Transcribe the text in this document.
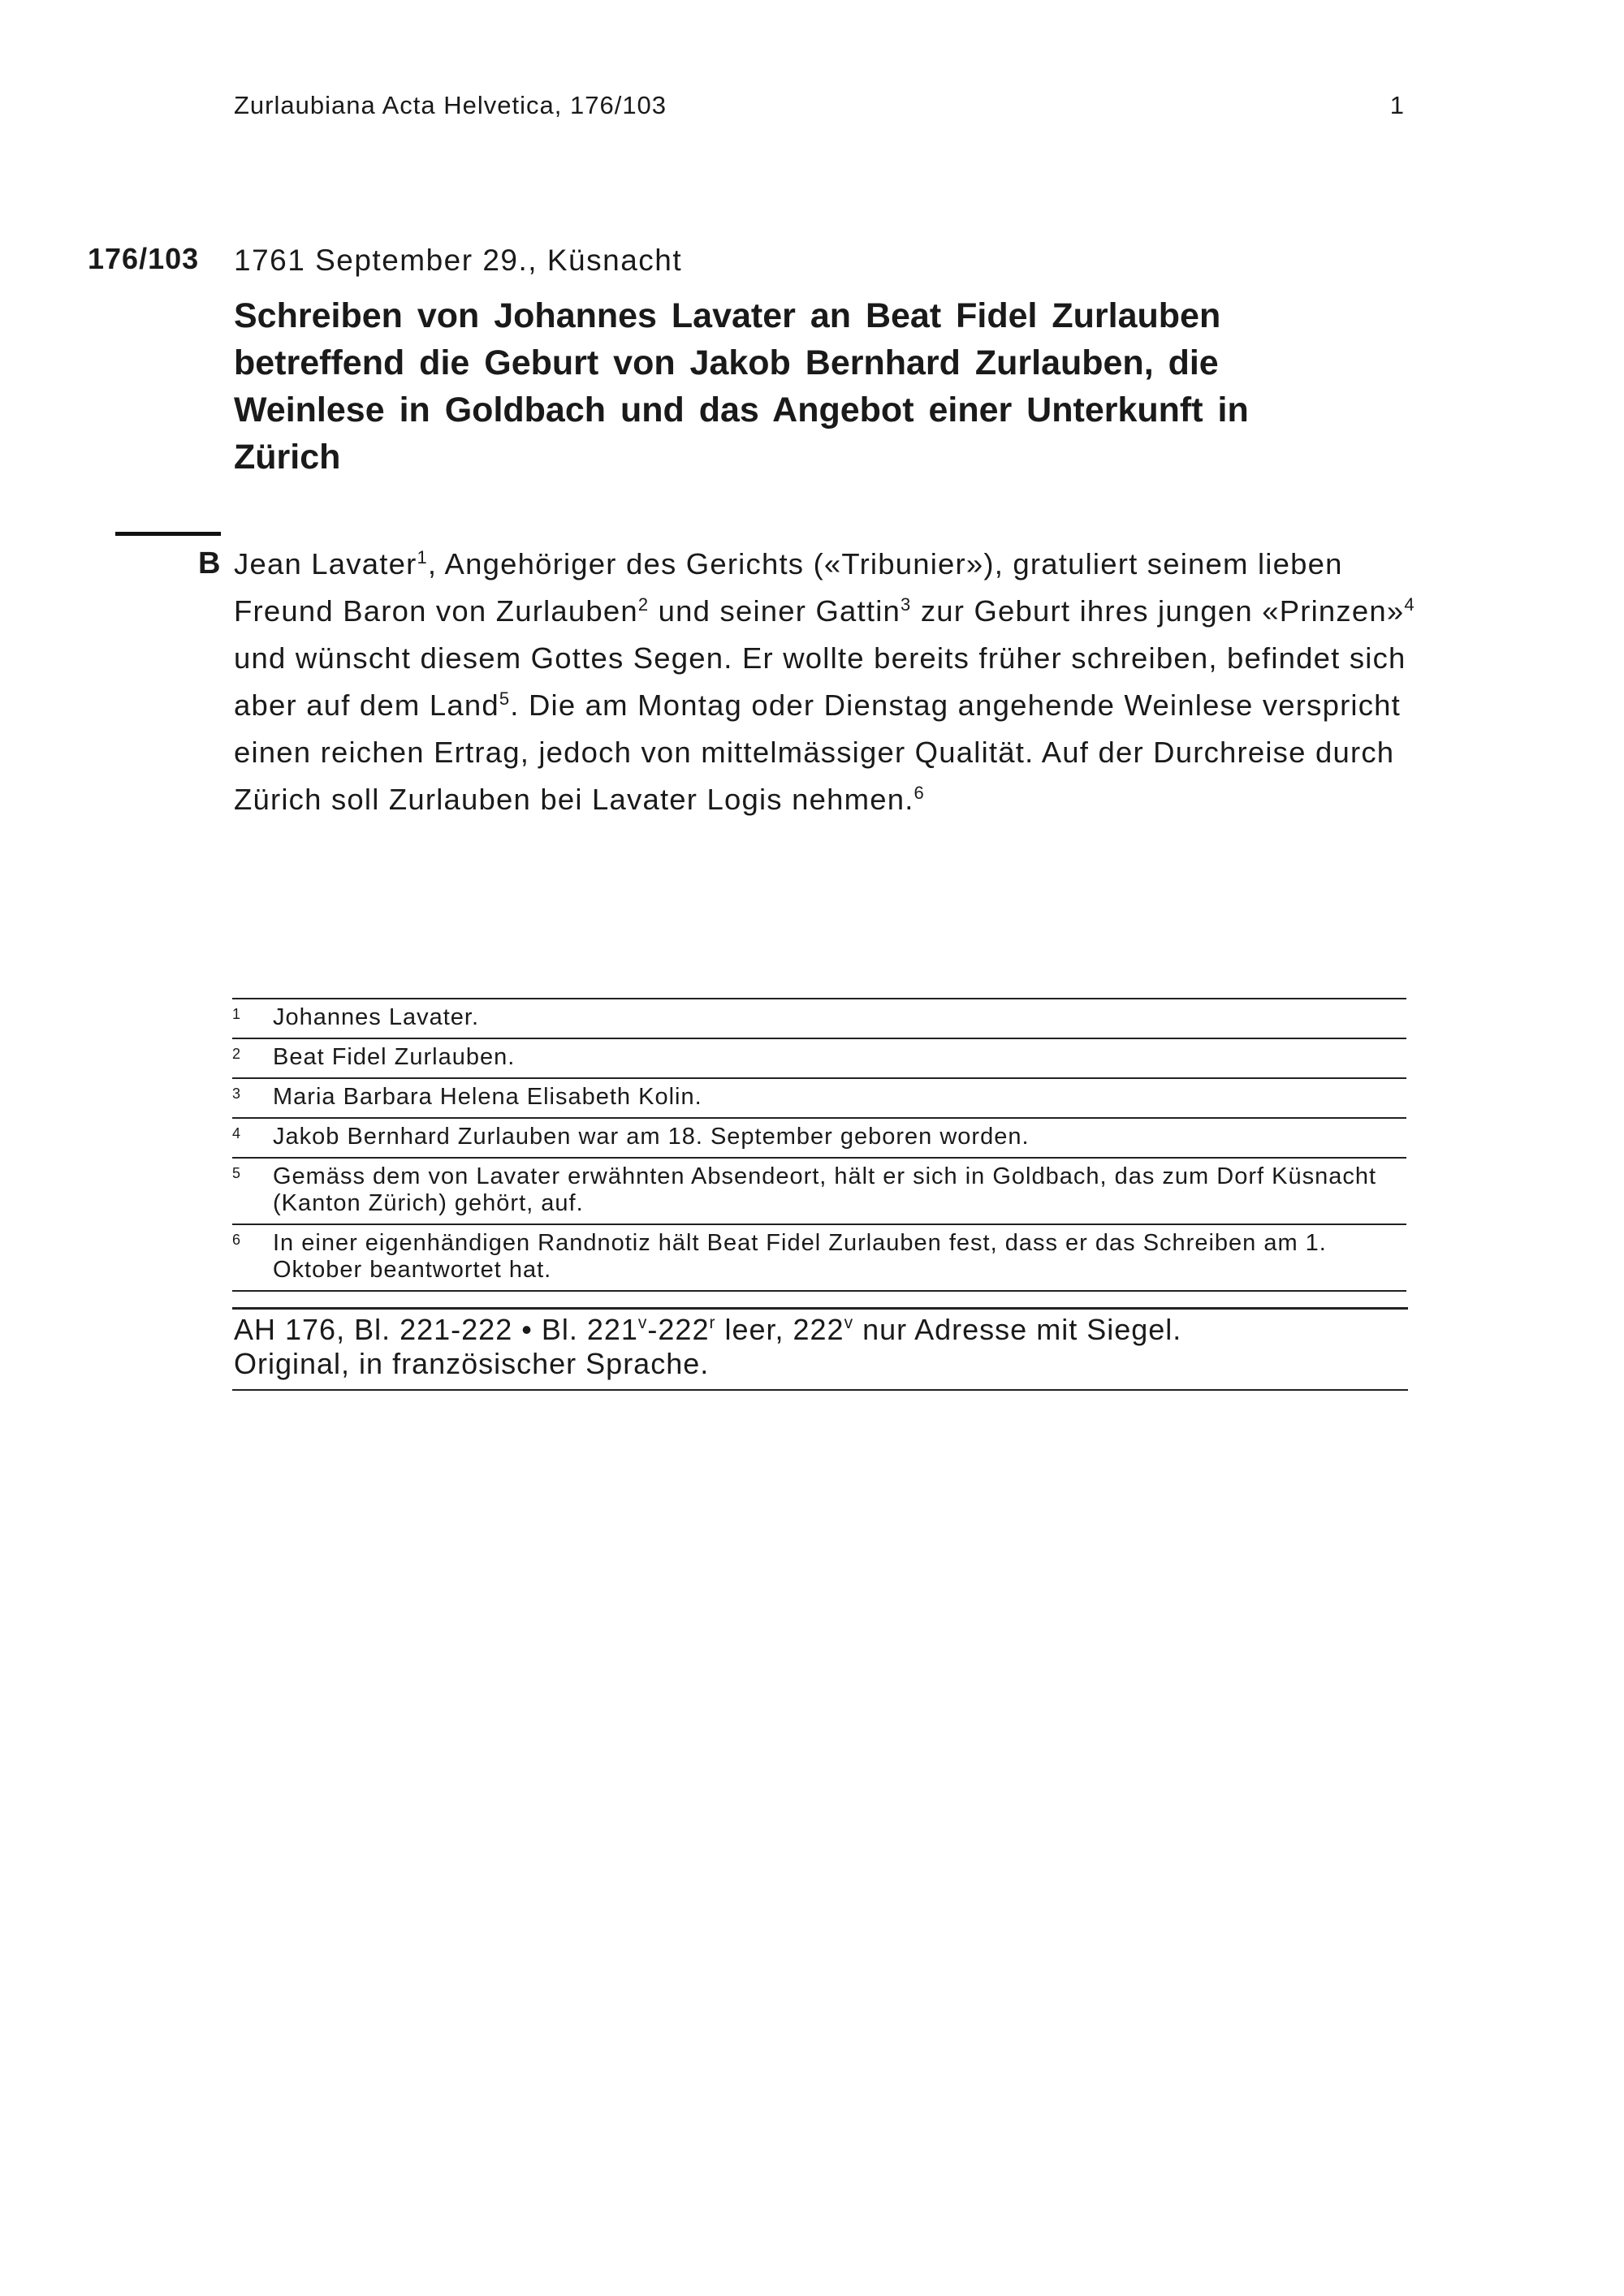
Zurlaubiana Acta Helvetica, 176/103	1
176/103 1761 September 29., Küsnacht
Schreiben von Johannes Lavater an Beat Fidel Zurlauben betreffend die Geburt von Jakob Bernhard Zurlauben, die Weinlese in Goldbach und das Angebot einer Unterkunft in Zürich
B Jean Lavater$^1$, Angehöriger des Gerichts («Tribunier»), gratuliert seinem lieben Freund Baron von Zurlauben$^2$ und seiner Gattin$^3$ zur Geburt ihres jungen «Prinzen»$^4$ und wünscht diesem Gottes Segen. Er wollte bereits früher schreiben, befindet sich aber auf dem Land$^5$. Die am Montag oder Dienstag angehende Weinlese verspricht einen reichen Ertrag, jedoch von mittelmässiger Qualität. Auf der Durchreise durch Zürich soll Zurlauben bei Lavater Logis nehmen.$^6$

1 Johannes Lavater.
2 Beat Fidel Zurlauben.
3 Maria Barbara Helena Elisabeth Kolin.
4 Jakob Bernhard Zurlauben war am 18. September geboren worden.
5 Gemäss dem von Lavater erwähnten Absendeort, hält er sich in Goldbach, das zum Dorf Küsnacht (Kanton Zürich) gehört, auf.
6 In einer eigenhändigen Randnotiz hält Beat Fidel Zurlauben fest, dass er das Schreiben am 1. Oktober beantwortet hat.
AH 176, Bl. 221-222 • Bl. 221$^v$-222$^r$ leer, 222$^v$ nur Adresse mit Siegel.
Original, in französischer Sprache.
